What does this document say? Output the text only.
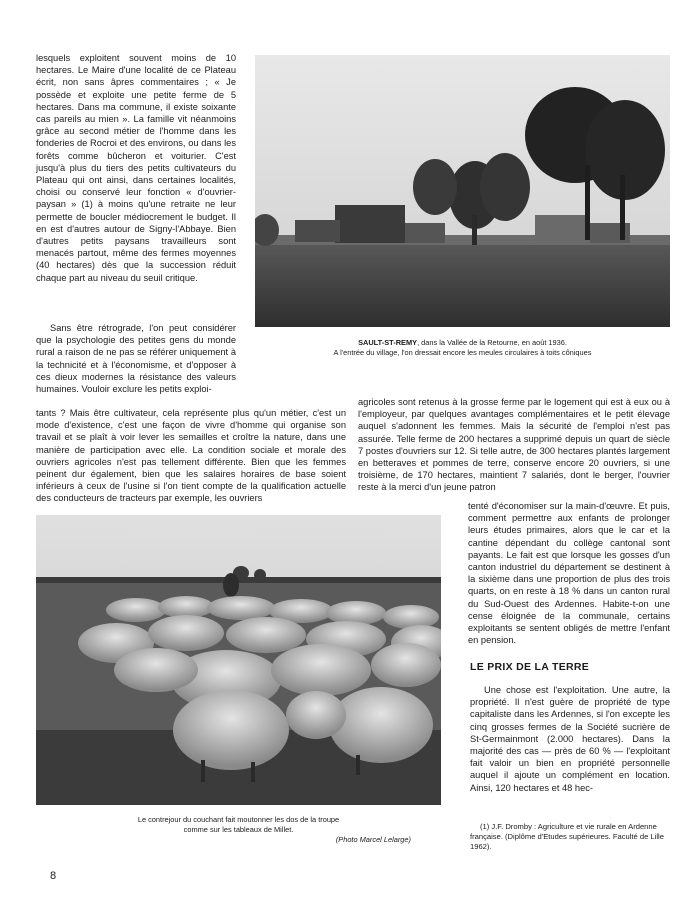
lesquels exploitent souvent moins de 10 hectares. Le Maire d'une localité de ce Plateau écrit, non sans âpres commentaires ; « Je possède et exploite une petite ferme de 5 hectares. Dans ma commune, il existe soixante cas pareils au mien ». La famille vit néanmoins grâce au second métier de l'homme dans les fonderies de Rocroi et des environs, ou dans les forêts comme bûcheron et voiturier. C'est jusqu'à plus du tiers des petits cultivateurs du Plateau qui ont ainsi, dans certaines localités, choisi ou conservé leur fonction « d'ouvrier-paysan » (1) à moins qu'une retraite ne leur permette de boucler médiocrement le budget. Il en est d'autres autour de Signy-l'Abbaye. Bien d'autres petits paysans travailleurs sont menacés partout, même des fermes moyennes (40 hectares) dès que la succession réduit chaque part au niveau du seuil critique.

SAULT-ST-REMY, dans la Vallée de la Retourne, en août 1936.
A l'entrée du village, l'on dressait encore les meules circulaires à toits côniques

Sans être rétrograde, l'on peut considérer que la psychologie des petites gens du monde rural a raison de ne pas se référer uniquement à la technicité et à l'économisme, et d'opposer à ces dieux modernes la résistance des valeurs humaines. Vouloir exclure les petits exploi-

tants ? Mais être cultivateur, cela représente plus qu'un métier, c'est un mode d'existence, c'est une façon de vivre d'homme qui organise son travail et se plaît à voir lever les semailles et croître la nature, dans une manière de participation avec elle. La condition sociale et morale des ouvriers agricoles n'est pas tellement différente. Bien que les femmes peinent dur également, bien que les salaires horaires de base soient inférieurs à ceux de l'usine si l'on tient compte de la qualification actuelle des conducteurs de tracteurs par exemple, les ouvriers

agricoles sont retenus à la grosse ferme par le logement qui est à eux ou à l'employeur, par quelques avantages complémentaires et le petit élevage auquel s'adonnent les femmes. Mais la sécurité de l'emploi n'est pas assurée. Telle ferme de 200 hectares a supprimé depuis un quart de siècle 7 postes d'ouvriers sur 12. Si telle autre, de 300 hectares plantés largement en betteraves et pommes de terre, conserve encore 20 ouvriers, si une troisième, de 170 hectares, maintient 7 salariés, dont le berger, l'ouvrier reste à la merci d'un jeune patron

Le contrejour du couchant fait moutonner les dos de la troupe
comme sur les tableaux de Millet.
(Photo Marcel Lelarge)

tenté d'économiser sur la main-d'œuvre. Et puis, comment permettre aux enfants de prolonger leurs études primaires, alors que le car et la cantine dépendant du collège cantonal sont payants. Le fait est que lorsque les gosses d'un canton industriel du département se destinent à la sixième dans une proportion de plus des trois quarts, on en reste à 18 % dans un canton rural du Sud-Ouest des Ardennes. Habite-t-on une cense éloignée de la communale, certains exploitants se sentent obligés de mettre l'enfant en pension.

LE PRIX DE LA TERRE

Une chose est l'exploitation. Une autre, la propriété. Il n'est guère de propriété de type capitaliste dans les Ardennes, si l'on excepte les cinq grosses fermes de la Société sucrière de St-Germainmont (2.000 hectares). Dans la majorité des cas — près de 60 % — l'exploitant fait valoir un bien en propriété personnelle auquel il ajoute un complément en location. Ainsi, 120 hectares et 48 hec-

(1) J.F. Dromby : Agriculture et vie rurale en Ardenne française. (Diplôme d'Etudes supérieures. Faculté de Lille 1962).
8
